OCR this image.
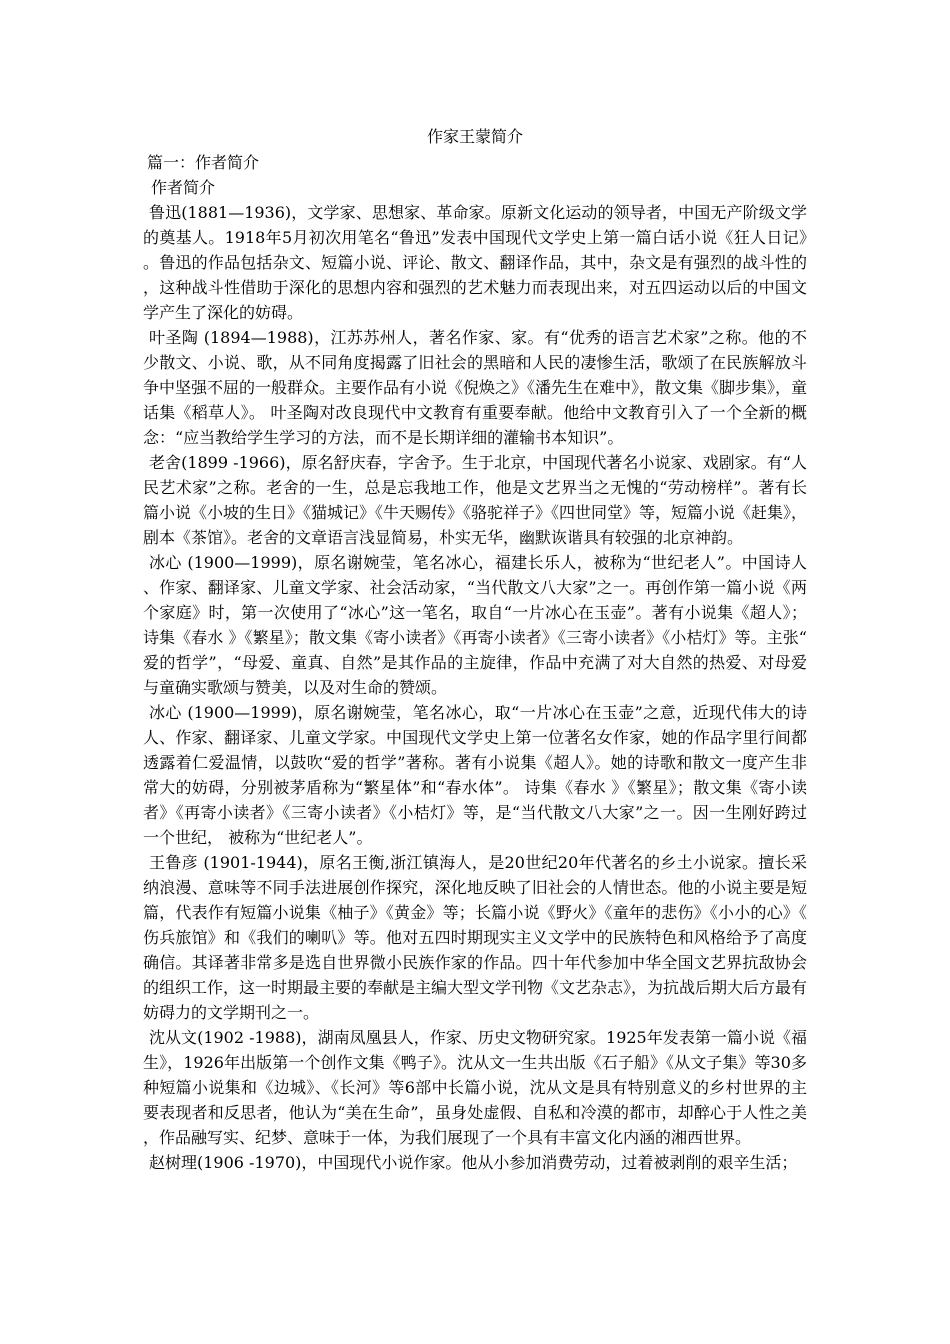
作家王蒙简介

篇一：作者简介

作者简介

鲁迅(1881—1936)，文学家、思想家、革命家。原新文化运动的领导者，中国无产阶级文学的奠基人。1918年5月初次用笔名“鲁迅”发表中国现代文学史上第一篇白话小说《狂人日记》。鲁迅的作品包括杂文、短篇小说、评论、散文、翻译作品，其中，杂文是有强烈的战斗性的，这种战斗性借助于深化的思想内容和强烈的艺术魅力而表现出来，对五四运动以后的中国文学产生了深化的妨碍。

叶圣陶 (1894—1988)，江苏苏州人，著名作家、家。有“优秀的语言艺术家”之称。他的不少散文、小说、歌，从不同角度揭露了旧社会的黑暗和人民的凄惨生活，歌颂了在民族解放斗争中坚强不屈的一般群众。主要作品有小说《倪焕之》《潘先生在难中》，散文集《脚步集》，童话集《稻草人》。 叶圣陶对改良现代中文教育有重要奉献。他给中文教育引入了一个全新的概念：“应当教给学生学习的方法，而不是长期详细的灌输书本知识”。

老舍(1899 -1966)，原名舒庆春，字舍予。生于北京，中国现代著名小说家、戏剧家。有“人民艺术家”之称。老舍的一生，总是忘我地工作，他是文艺界当之无愧的“劳动榜样”。著有长篇小说《小坡的生日》《猫城记》《牛天赐传》《骆驼祥子》《四世同堂》等，短篇小说《赶集》，剧本《茶馆》。老舍的文章语言浅显简易，朴实无华，幽默诙谐具有较强的北京神韵。

冰心 (1900—1999)，原名谢婉莹，笔名冰心，福建长乐人，被称为“世纪老人”。中国诗人、作家、翻译家、儿童文学家、社会活动家，“当代散文八大家”之一。再创作第一篇小说《两个家庭》时，第一次使用了“冰心”这一笔名，取自“一片冰心在玉壶”。著有小说集《超人》；诗集《春水 》《繁星》；散文集《寄小读者》《再寄小读者》《三寄小读者》《小桔灯》等。主张“爱的哲学”，“母爱、童真、自然”是其作品的主旋律，作品中充满了对大自然的热爱、对母爱与童确实歌颂与赞美，以及对生命的赞颂。

冰心 (1900—1999)，原名谢婉莹，笔名冰心，取“一片冰心在玉壶”之意，近现代伟大的诗人、作家、翻译家、儿童文学家。中国现代文学史上第一位著名女作家，她的作品字里行间都透露着仁爱温情，以鼓吹“爱的哲学”著称。著有小说集《超人》。她的诗歌和散文一度产生非常大的妨碍，分别被茅盾称为“繁星体”和“春水体”。 诗集《春水 》《繁星》；散文集《寄小读者》《再寄小读者》《三寄小读者》《小桔灯》等，是“当代散文八大家”之一。因一生刚好跨过一个世纪， 被称为“世纪老人”。

王鲁彦 (1901-1944)，原名王衡,浙江镇海人，是20世纪20年代著名的乡土小说家。擅长采纳浪漫、意味等不同手法进展创作探究，深化地反映了旧社会的人情世态。他的小说主要是短篇，代表作有短篇小说集《柚子》《黄金》等；长篇小说《野火》《童年的悲伤》《小小的心》《伤兵旅馆》和《我们的喇叭》等。他对五四时期现实主义文学中的民族特色和风格给予了高度确信。其译著非常多是选自世界微小民族作家的作品。四十年代参加中华全国文艺界抗敌协会的组织工作，这一时期最主要的奉献是主编大型文学刊物《文艺杂志》，为抗战后期大后方最有妨碍力的文学期刊之一。

沈从文(1902 -1988)，湖南凤凰县人，作家、历史文物研究家。1925年发表第一篇小说《福生》，1926年出版第一个创作文集《鸭子》。沈从文一生共出版《石子船》《从文子集》等30多种短篇小说集和《边城》、《长河》等6部中长篇小说，沈从文是具有特别意义的乡村世界的主要表现者和反思者，他认为“美在生命”，虽身处虚假、自私和冷漠的都市，却醉心于人性之美，作品融写实、纪梦、意味于一体，为我们展现了一个具有丰富文化内涵的湘西世界。

赵树理(1906 -1970)，中国现代小说作家。他从小参加消费劳动，过着被剥削的艰辛生活；
